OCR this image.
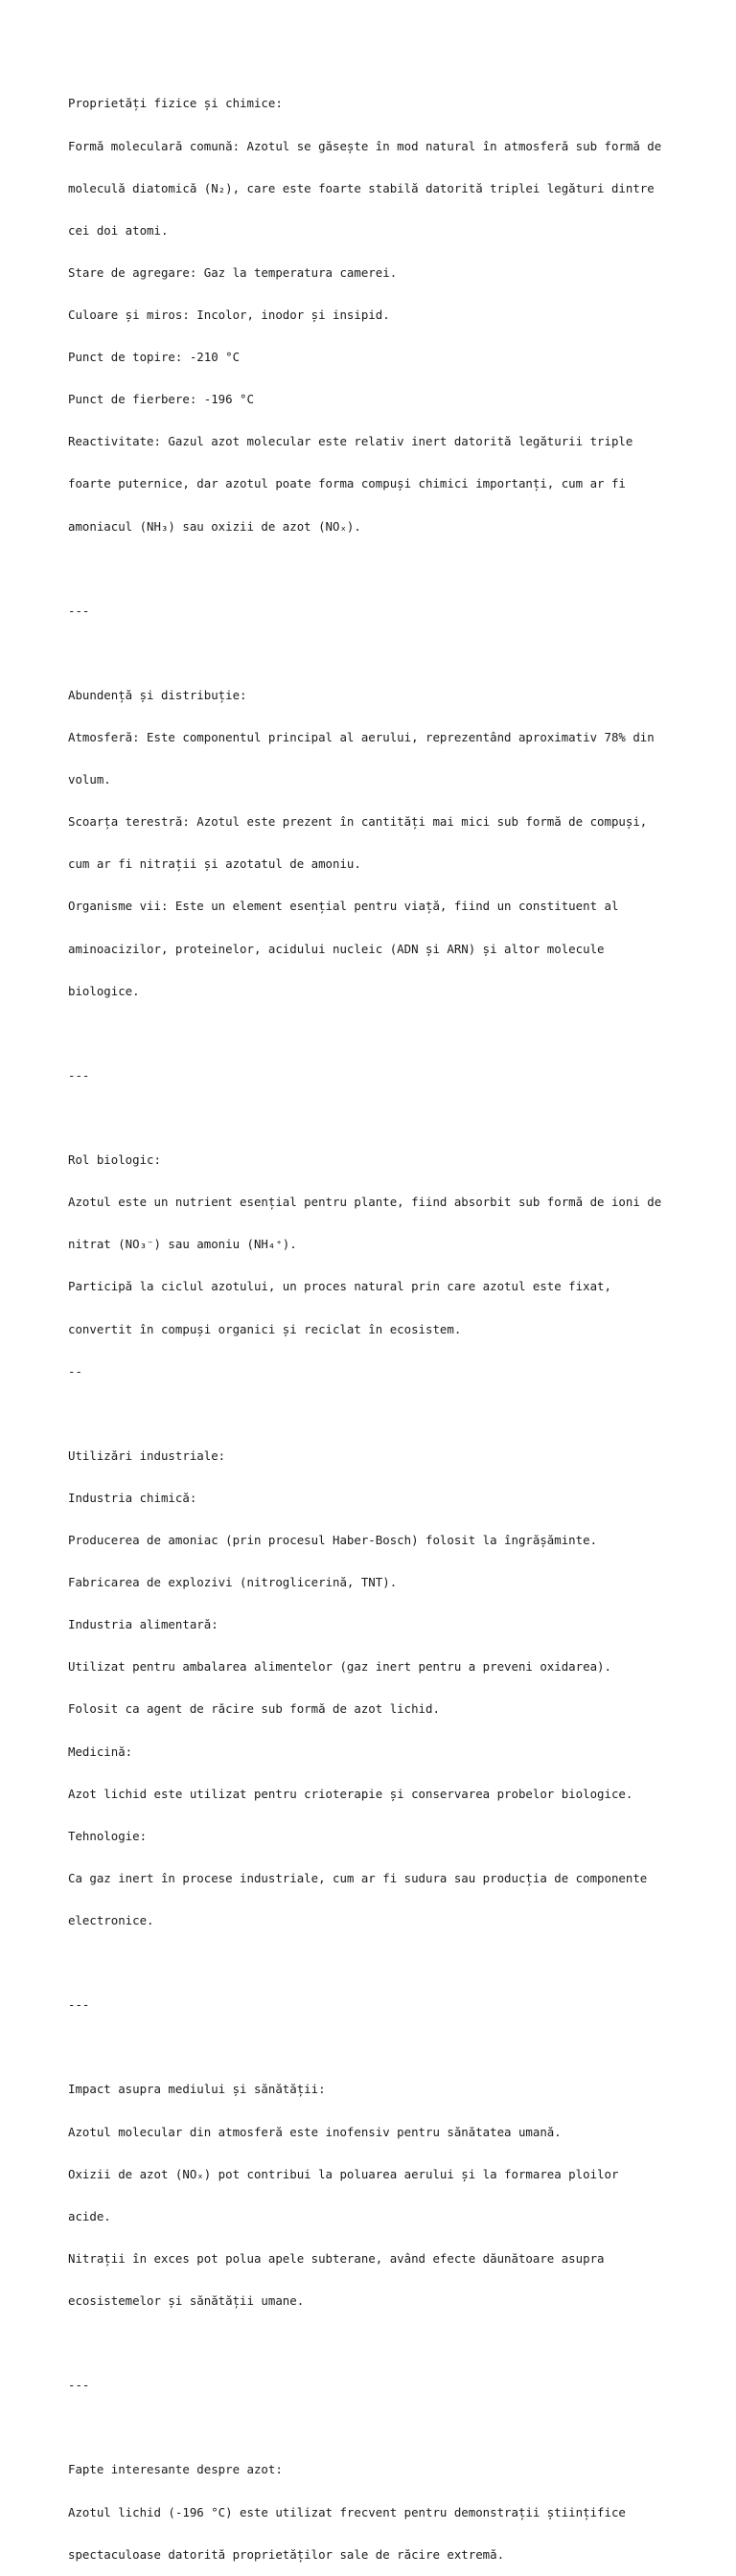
Proprietăți fizice și chimice:

Formă moleculară comună: Azotul se găsește în mod natural în atmosferă sub formă de

moleculă diatomică (N₂), care este foarte stabilă datorită triplei legături dintre

cei doi atomi.

Stare de agregare: Gaz la temperatura camerei.

Culoare și miros: Incolor, inodor și insipid.

Punct de topire: -210 °C

Punct de fierbere: -196 °C

Reactivitate: Gazul azot molecular este relativ inert datorită legăturii triple

foarte puternice, dar azotul poate forma compuși chimici importanți, cum ar fi

amoniacul (NH₃) sau oxizii de azot (NOₓ).

---

Abundență și distribuție:

Atmosferă: Este componentul principal al aerului, reprezentând aproximativ 78% din

volum.

Scoarța terestră: Azotul este prezent în cantități mai mici sub formă de compuși,

cum ar fi nitrații și azotatul de amoniu.

Organisme vii: Este un element esențial pentru viață, fiind un constituent al

aminoacizilor, proteinelor, acidului nucleic (ADN și ARN) și altor molecule

biologice.

---

Rol biologic:

Azotul este un nutrient esențial pentru plante, fiind absorbit sub formă de ioni de

nitrat (NO₃⁻) sau amoniu (NH₄⁺).

Participă la ciclul azotului, un proces natural prin care azotul este fixat,

convertit în compuși organici și reciclat în ecosistem.

--

Utilizări industriale:

Industria chimică:

Producerea de amoniac (prin procesul Haber-Bosch) folosit la îngrășăminte.

Fabricarea de explozivi (nitroglicerină, TNT).

Industria alimentară:

Utilizat pentru ambalarea alimentelor (gaz inert pentru a preveni oxidarea).

Folosit ca agent de răcire sub formă de azot lichid.

Medicină:

Azot lichid este utilizat pentru crioterapie și conservarea probelor biologice.

Tehnologie:

Ca gaz inert în procese industriale, cum ar fi sudura sau producția de componente

electronice.

---

Impact asupra mediului și sănătății:

Azotul molecular din atmosferă este inofensiv pentru sănătatea umană.

Oxizii de azot (NOₓ) pot contribui la poluarea aerului și la formarea ploilor

acide.

Nitrații în exces pot polua apele subterane, având efecte dăunătoare asupra

ecosistemelor și sănătății umane.

---

Fapte interesante despre azot:

Azotul lichid (-196 °C) este utilizat frecvent pentru demonstrații științifice

spectaculoase datorită proprietăților sale de răcire extremă.
